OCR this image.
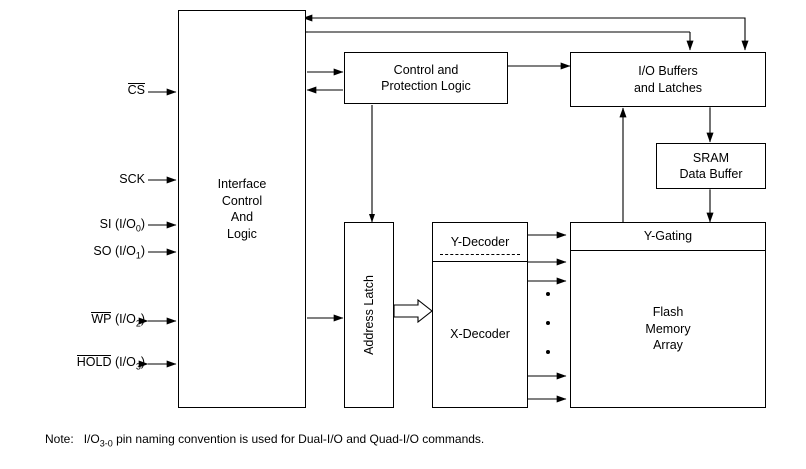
CS
SCK
SI $(I/O_0)$
SO $(I/O_1)$
WP $(I/O_2)$
HOLD $(I/O_3)$
Interface
Control
And
Logic
Control and
Protection Logic
I/O Buffers
and Latches
SRAM
Data Buffer
Address Latch
Y-Decoder
X-Decoder
Y-Gating
Flash
Memory
Array
Note: $I/O_{3-0}$ pin naming convention is used for Dual-I/O and Quad-I/O commands.
